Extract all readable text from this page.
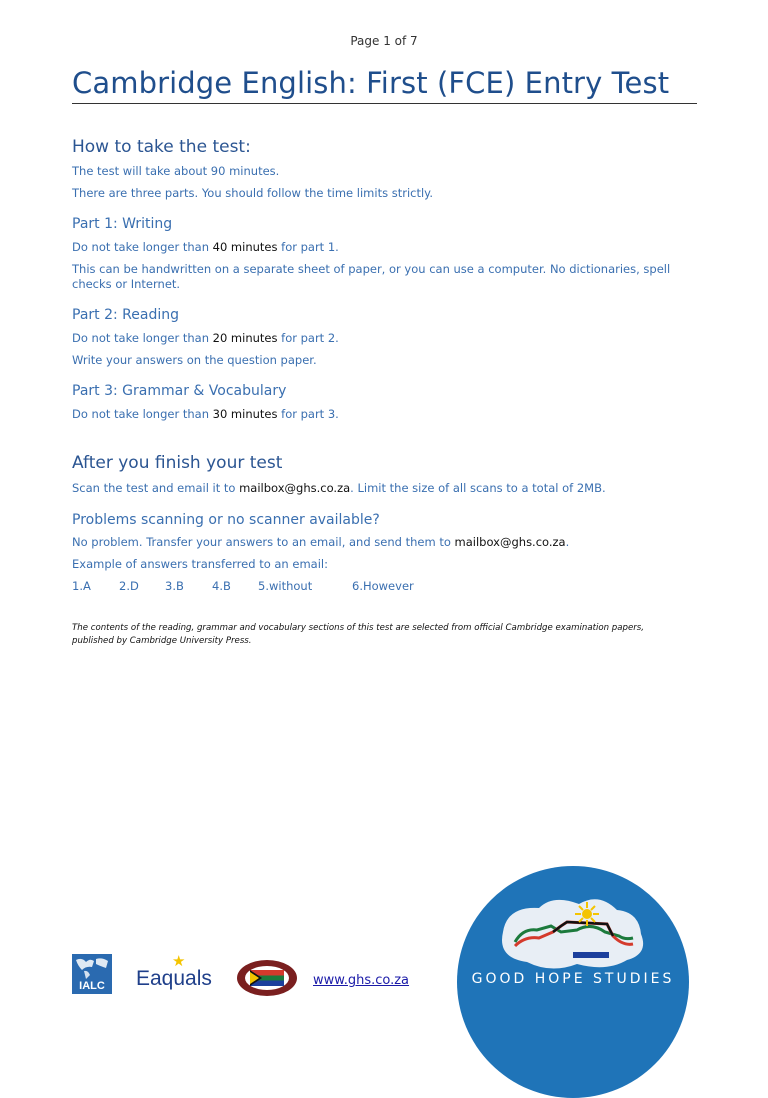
Page 1 of 7
Cambridge English: First (FCE) Entry Test
How to take the test:
The test will take about 90 minutes.
There are three parts. You should follow the time limits strictly.
Part 1: Writing
Do not take longer than 40 minutes for part 1.
This can be handwritten on a separate sheet of paper, or you can use a computer. No dictionaries, spell checks or Internet.
Part 2: Reading
Do not take longer than 20 minutes for part 2.
Write your answers on the question paper.
Part 3: Grammar & Vocabulary
Do not take longer than 30 minutes for part 3.
After you finish your test
Scan the test and email it to mailbox@ghs.co.za. Limit the size of all scans to a total of 2MB.
Problems scanning or no scanner available?
No problem. Transfer your answers to an email, and send them to mailbox@ghs.co.za.
Example of answers transferred to an email:
1.A 2.D 3.B 4.B 5.without	6.However
The contents of the reading, grammar and vocabulary sections of this test are selected from official Cambridge examination papers, published by Cambridge University Press.
IALC
★
Eaquals	www.ghs.co.za	GOOD HOPE STUDIES
